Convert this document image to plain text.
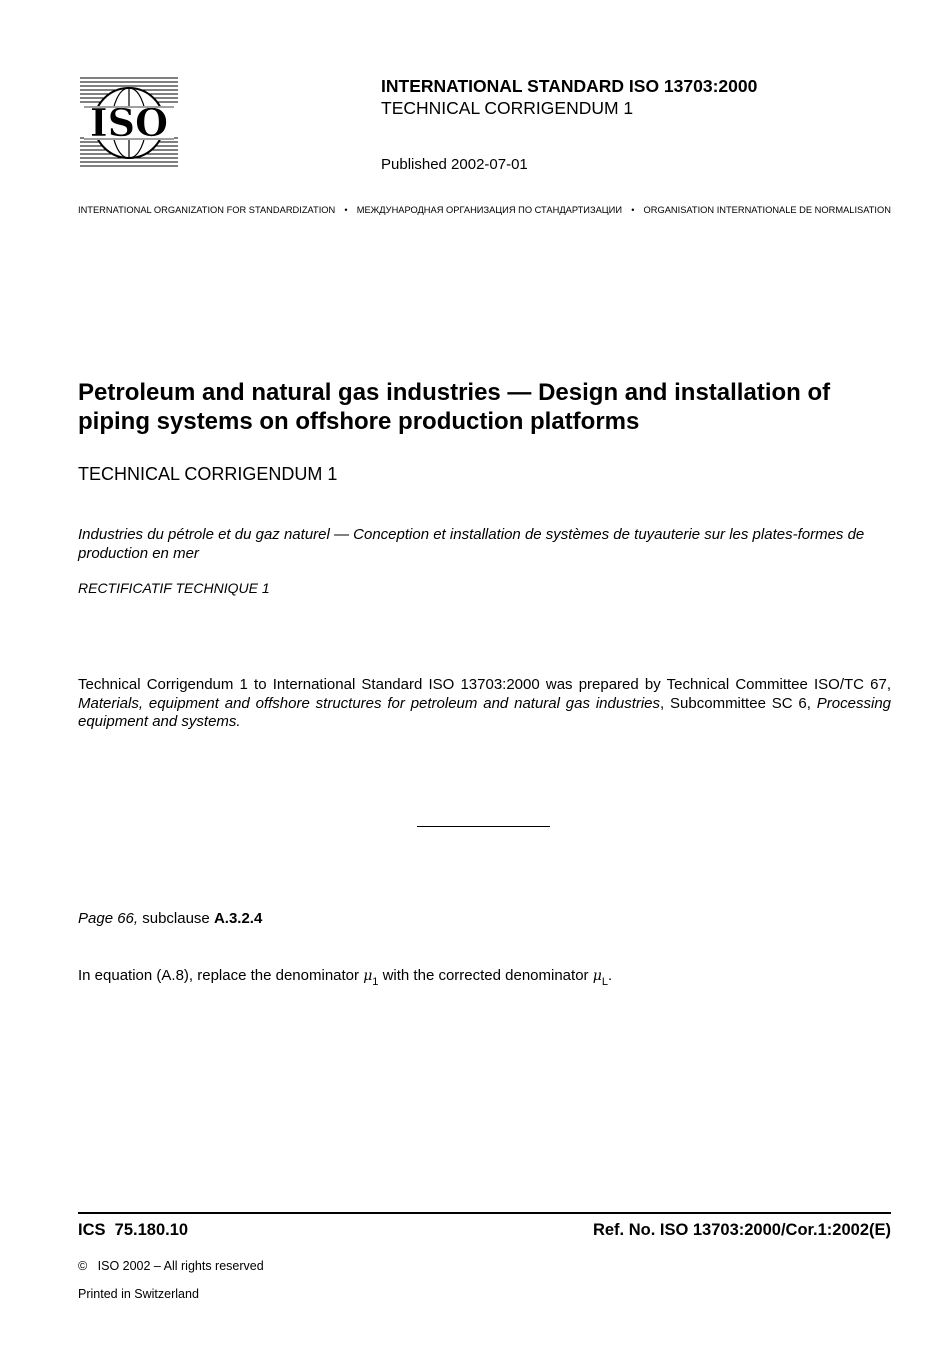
ISO
INTERNATIONAL STANDARD ISO 13703:2000
TECHNICAL CORRIGENDUM 1
Published 2002-07-01
INTERNATIONAL ORGANIZATION FOR STANDARDIZATION • МЕЖДУНАРОДНАЯ ОРГАНИЗАЦИЯ ПО СТАНДАРТИЗАЦИИ • ORGANISATION INTERNATIONALE DE NORMALISATION
Petroleum and natural gas industries — Design and installation of piping systems on offshore production platforms
TECHNICAL CORRIGENDUM 1
Industries du pétrole et du gaz naturel — Conception et installation de systèmes de tuyauterie sur les plates-formes de production en mer
RECTIFICATIF TECHNIQUE 1
Technical Corrigendum 1 to International Standard ISO 13703:2000 was prepared by Technical Committee ISO/TC 67, Materials, equipment and offshore structures for petroleum and natural gas industries, Subcommittee SC 6, Processing equipment and systems.
Page 66, subclause A.3.2.4
In equation (A.8), replace the denominator $\mu_1$ with the corrected denominator $\mu_L$.
ICS  75.180.10	Ref. No. ISO 13703:2000/Cor.1:2002(E)
©   ISO 2002 – All rights reserved
Printed in Switzerland
